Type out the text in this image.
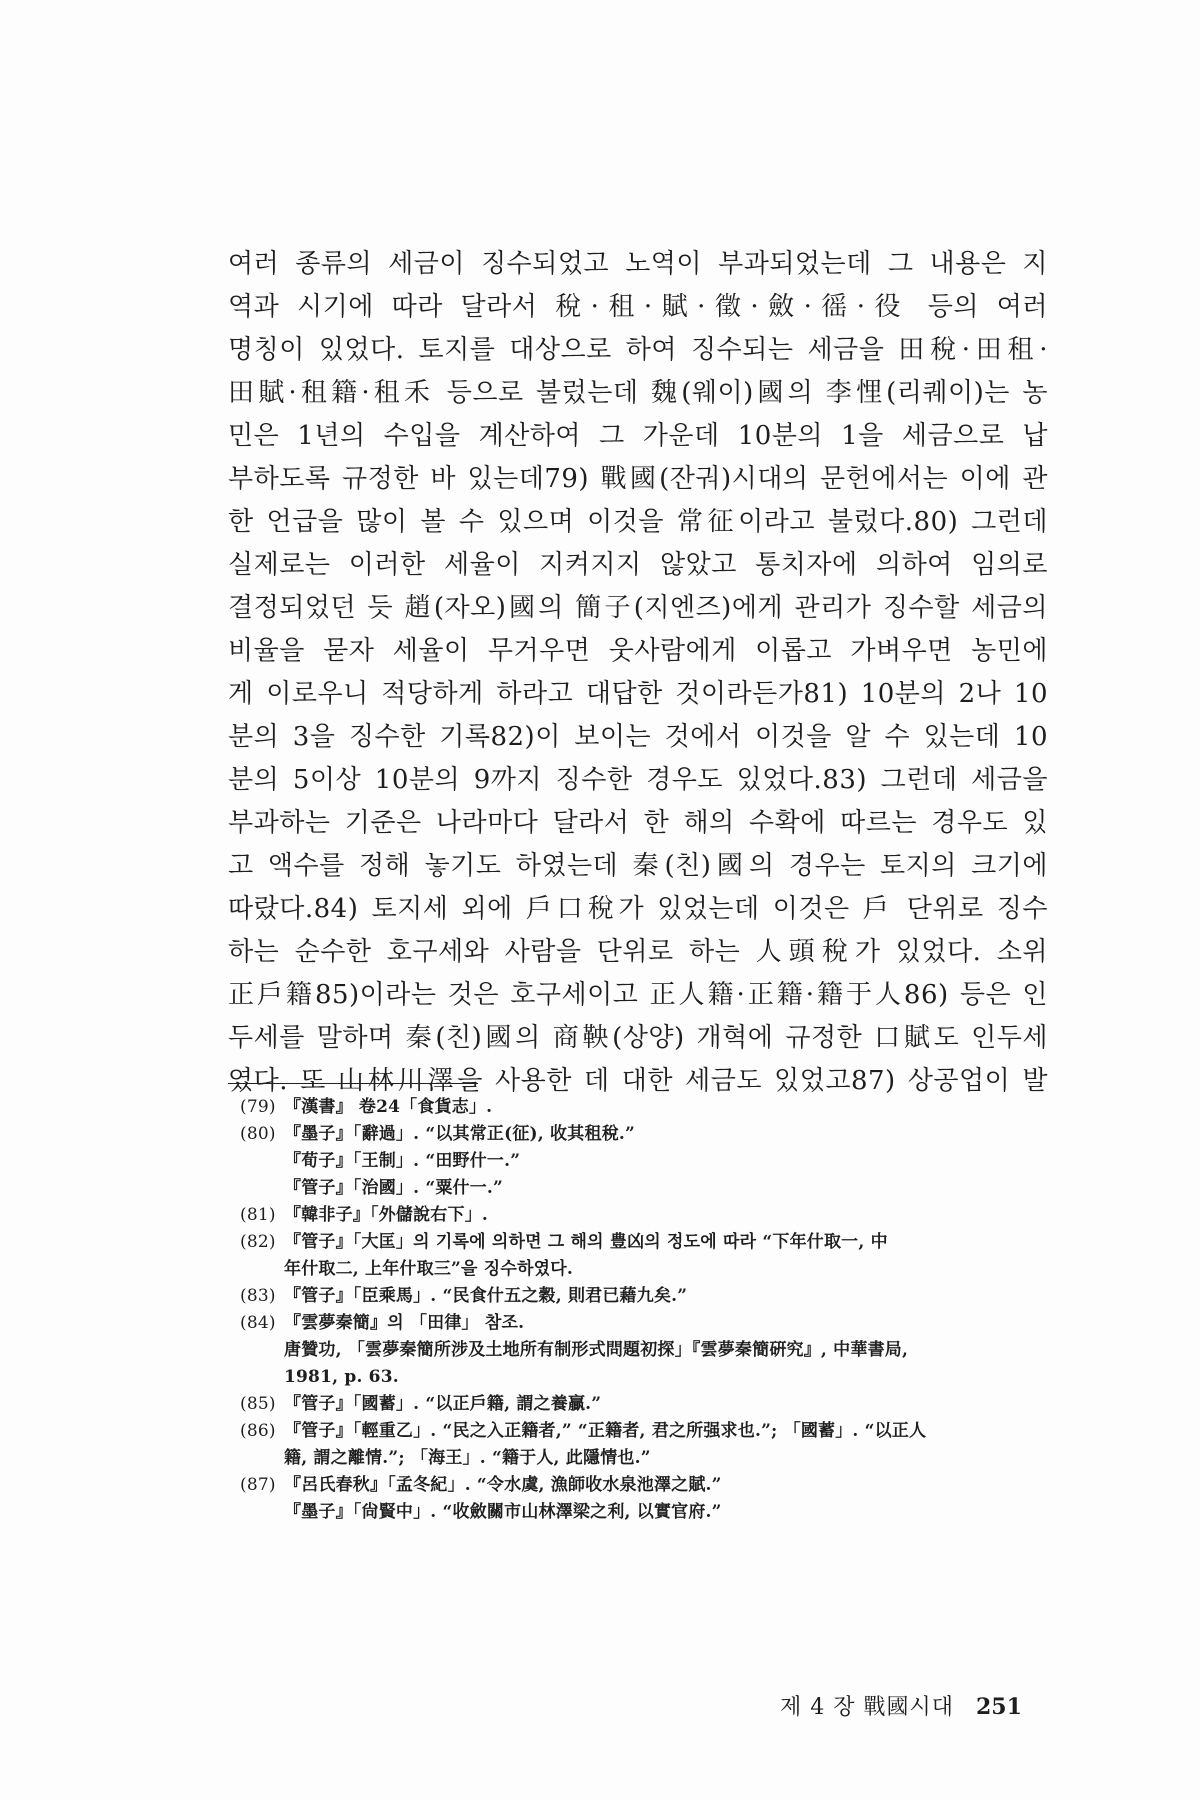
여러 종류의 세금이 징수되었고 노역이 부과되었는데 그 내용은 지
역과 시기에 따라 달라서 稅·租·賦·徵·斂·徭·役 등의 여러
명칭이 있었다. 토지를 대상으로 하여 징수되는 세금을 田稅·田租·
田賦·租籍·租禾 등으로 불렀는데 魏(웨이)國의 李悝(리퀘이)는 농
민은 1년의 수입을 계산하여 그 가운데 10분의 1을 세금으로 납
부하도록 규정한 바 있는데79) 戰國(잔궈)시대의 문헌에서는 이에 관
한 언급을 많이 볼 수 있으며 이것을 常征이라고 불렀다.80) 그런데
실제로는 이러한 세율이 지켜지지 않았고 통치자에 의하여 임의로
결정되었던 듯 趙(자오)國의 簡子(지엔즈)에게 관리가 징수할 세금의
비율을 묻자 세율이 무거우면 웃사람에게 이롭고 가벼우면 농민에
게 이로우니 적당하게 하라고 대답한 것이라든가81) 10분의 2나 10
분의 3을 징수한 기록82)이 보이는 것에서 이것을 알 수 있는데 10
분의 5이상 10분의 9까지 징수한 경우도 있었다.83) 그런데 세금을
부과하는 기준은 나라마다 달라서 한 해의 수확에 따르는 경우도 있
고 액수를 정해 놓기도 하였는데 秦(친)國의 경우는 토지의 크기에
따랐다.84) 토지세 외에 戶口稅가 있었는데 이것은 戶 단위로 징수
하는 순수한 호구세와 사람을 단위로 하는 人頭稅가 있었다. 소위
正戶籍85)이라는 것은 호구세이고 正人籍·正籍·籍于人86) 등은 인
두세를 말하며 秦(친)國의 商鞅(상양) 개혁에 규정한 口賦도 인두세
였다. 또 山林川澤을 사용한 데 대한 세금도 있었고87) 상공업이 발
(79) 『漢書』 卷24「食貨志」.
(80) 『墨子』「辭過」. “以其常正(征), 收其租稅.”
『荀子』「王制」. “田野什一.”
『管子』「治國」. “粟什一.”
(81) 『韓非子』「外儲說右下」.
(82) 『管子』「大匡」의 기록에 의하면 그 해의 豊凶의 정도에 따라 “下年什取一, 中
年什取二, 上年什取三”을 징수하였다.
(83) 『管子』「臣乘馬」. “民食什五之穀, 則君已藉九矣.”
(84) 『雲夢秦簡』의 「田律」 참조.
唐贊功, 「雲夢秦簡所涉及土地所有制形式問題初探」『雲夢秦簡硏究』, 中華書局,
1981, p. 63.
(85) 『管子』「國蓄」. “以正戶籍, 謂之養贏.”
(86) 『管子』「輕重乙」. “民之入正籍者,” “正籍者, 君之所强求也.”; 「國蓄」. “以正人
籍, 謂之離情.”; 「海王」. “籍于人, 此隱情也.”
(87) 『呂氏春秋』「孟冬紀」. “令水虞, 漁師收水泉池澤之賦.”
『墨子』「尙賢中」. “收斂關市山林澤梁之利, 以實官府.”
제 4 장 戰國시대 251
